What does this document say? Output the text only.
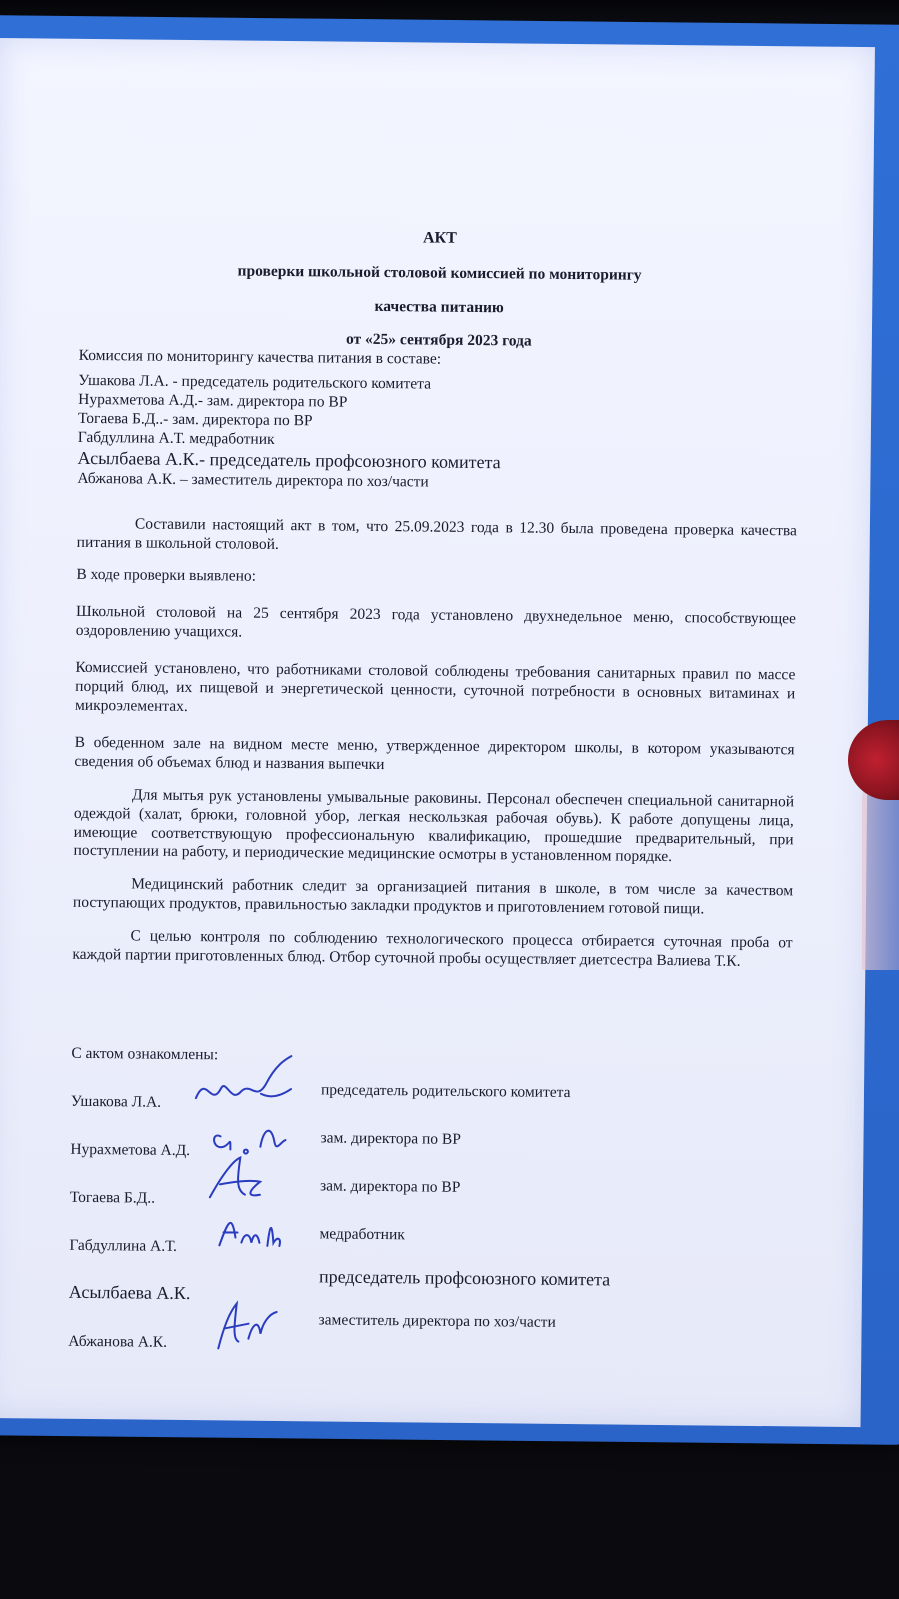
АКТ
проверки школьной столовой комиссией по мониторингу
качества питанию
от «25» сентября 2023 года
Комиссия по мониторингу качества питания в составе:
Ушакова Л.А. - председатель родительского комитета
Нурахметова А.Д.- зам. директора по ВР
Тогаева Б.Д..- зам. директора по ВР
Габдуллина А.Т. медработник
Асылбаева А.К.- председатель профсоюзного комитета
Абжанова А.К. – заместитель директора по хоз/части

Составили настоящий акт в том, что 25.09.2023 года в 12.30 была проведена проверка качества питания в школьной столовой.

В ходе проверки выявлено:

Школьной столовой на 25 сентября 2023 года установлено двухнедельное меню, способствующее оздоровлению учащихся.

Комиссией установлено, что работниками столовой соблюдены требования санитарных правил по массе порций блюд, их пищевой и энергетической ценности, суточной потребности в основных витаминах и микроэлементах.

В обеденном зале на видном месте меню, утвержденное директором школы, в котором указываются сведения об объемах блюд и названия выпечки

Для мытья рук установлены умывальные раковины. Персонал обеспечен специальной санитарной одеждой (халат, брюки, головной убор, легкая нескользкая рабочая обувь). К работе допущены лица, имеющие соответствующую профессиональную квалификацию, прошедшие предварительный, при поступлении на работу, и периодические медицинские осмотры в установленном порядке.

Медицинский работник следит за организацией питания в школе, в том числе за качеством поступающих продуктов, правильностью закладки продуктов и приготовлением готовой пищи.

С целью контроля по соблюдению технологического процесса отбирается суточная проба от каждой партии приготовленных блюд. Отбор суточной пробы осуществляет диетсестра Валиева Т.К.

С актом ознакомлены:
Ушакова Л.А.
председатель родительского комитета
Нурахметова А.Д.
зам. директора по ВР
Тогаева Б.Д..
зам. директора по ВР
Габдуллина А.Т.
медработник
Асылбаева А.К.
председатель профсоюзного комитета
Абжанова А.К.
заместитель директора по хоз/части
